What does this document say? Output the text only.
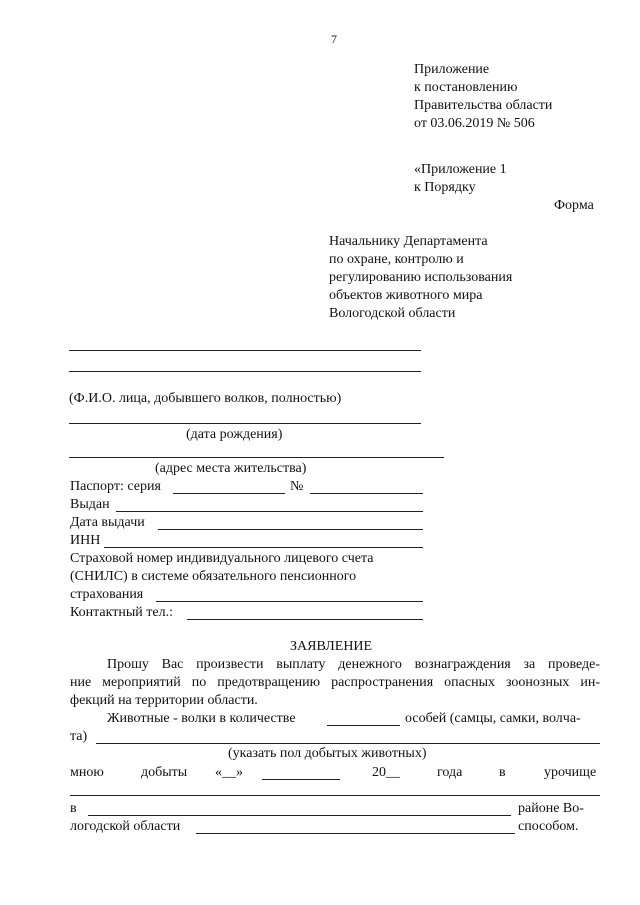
7
Приложение
к постановлению
Правительства области
от 03.06.2019 № 506
«Приложение 1
к Порядку
Форма
Начальнику Департамента
по охране, контролю и
регулированию использования
объектов животного мира
Вологодской области
(Ф.И.О. лица, добывшего волков, полностью)
(дата рождения)
(адрес места жительства)
Паспорт: серия	№
Выдан
Дата выдачи
ИНН
Страховой номер индивидуального лицевого счета
(СНИЛС) в системе обязательного пенсионного
страхования
Контактный тел.:
ЗАЯВЛЕНИЕ
Прошу Вас произвести выплату денежного вознаграждения за проведе-
ние мероприятий по предотвращению распространения опасных зоонозных ин-
фекций на территории области.
Животные - волки в количестве	особей (самцы, самки, волча-
та)
(указать пол добытых животных)
мною	добыты «__»	20__	года	в	урочище
в	районе Во-
логодской области	способом.
